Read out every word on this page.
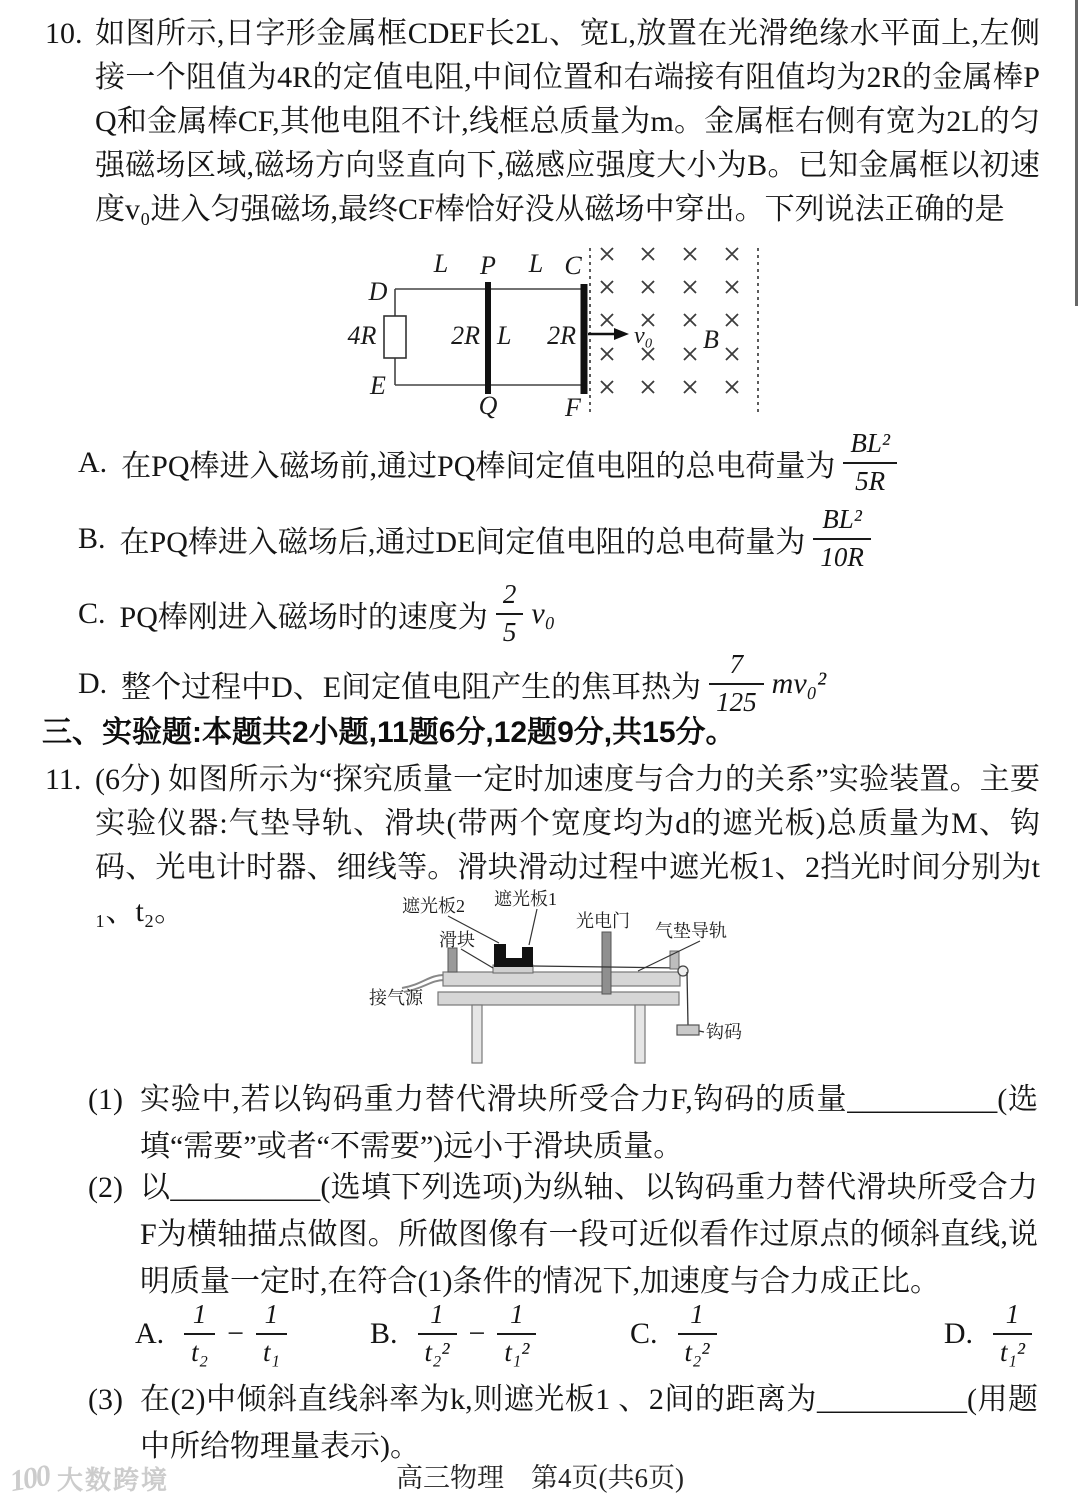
10. 如图所示,日字形金属框CDEF长2L、宽L,放置在光滑绝缘水平面上,左侧接一个阻值为4R的定值电阻,中间位置和右端接有阻值均为2R的金属棒PQ和金属棒CF,其他电阻不计,线框总质量为m。金属框右侧有宽为2L的匀强磁场区域,磁场方向竖直向下,磁感应强度大小为B。已知金属框以初速度v₀进入匀强磁场,最终CF棒恰好没从磁场中穿出。下列说法正确的是
D
E
P
Q
C
F
L	L
4R	2R L 2R v₀ B
A. 在PQ棒进入磁场前,通过PQ棒间定值电阻的总电荷量为 $\frac{\text{BL²}}{5R}$
B. 在PQ棒进入磁场后,通过DE间定值电阻的总电荷量为 $\frac{\text{BL²}}{10R}$
C. PQ棒刚进入磁场时的速度为 $\frac{2}{5} v_0$
D. 整个过程中D、E间定值电阻产生的焦耳热为 $\frac{7}{125} mv_0^2$
三、实验题:本题共2小题,11题6分,12题9分,共15分。
11. (6分) 如图所示为“探究质量一定时加速度与合力的关系”实验装置。主要实验仪器:气垫导轨、滑块(带两个宽度均为d的遮光板)总质量为M、钩码、光电计时器、细线等。滑块滑动过程中遮光板1、2挡光时间分别为t₁、t₂。	遮光板2 遮光板1
光电门 气垫导轨
滑块
接气源
钩码
(1) 实验中,若以钩码重力替代滑块所受合力F,钩码的质量__________(选填“需要”或者“不需要”)远小于滑块质量。
(2) 以__________(选填下列选项)为纵轴、以钩码重力替代滑块所受合力F为横轴描点做图。所做图像有一段可近似看作过原点的倾斜直线,说明质量一定时,在符合(1)条件的情况下,加速度与合力成正比。
A. $\frac{1}{\text{t₂}} - \frac{1}{\text{t₁}}$	B. $\frac{1}{\text{t₂²}} - \frac{1}{\text{t₁²}}$	C. $\frac{1}{\text{t₂²}}$	D. $\frac{1}{\text{t₁²}}$
(3) 在(2)中倾斜直线斜率为k,则遮光板1 、2间的距离为__________(用题中所给物理量表示)。
高三物理　第4页(共6页)
100 大数跨境
